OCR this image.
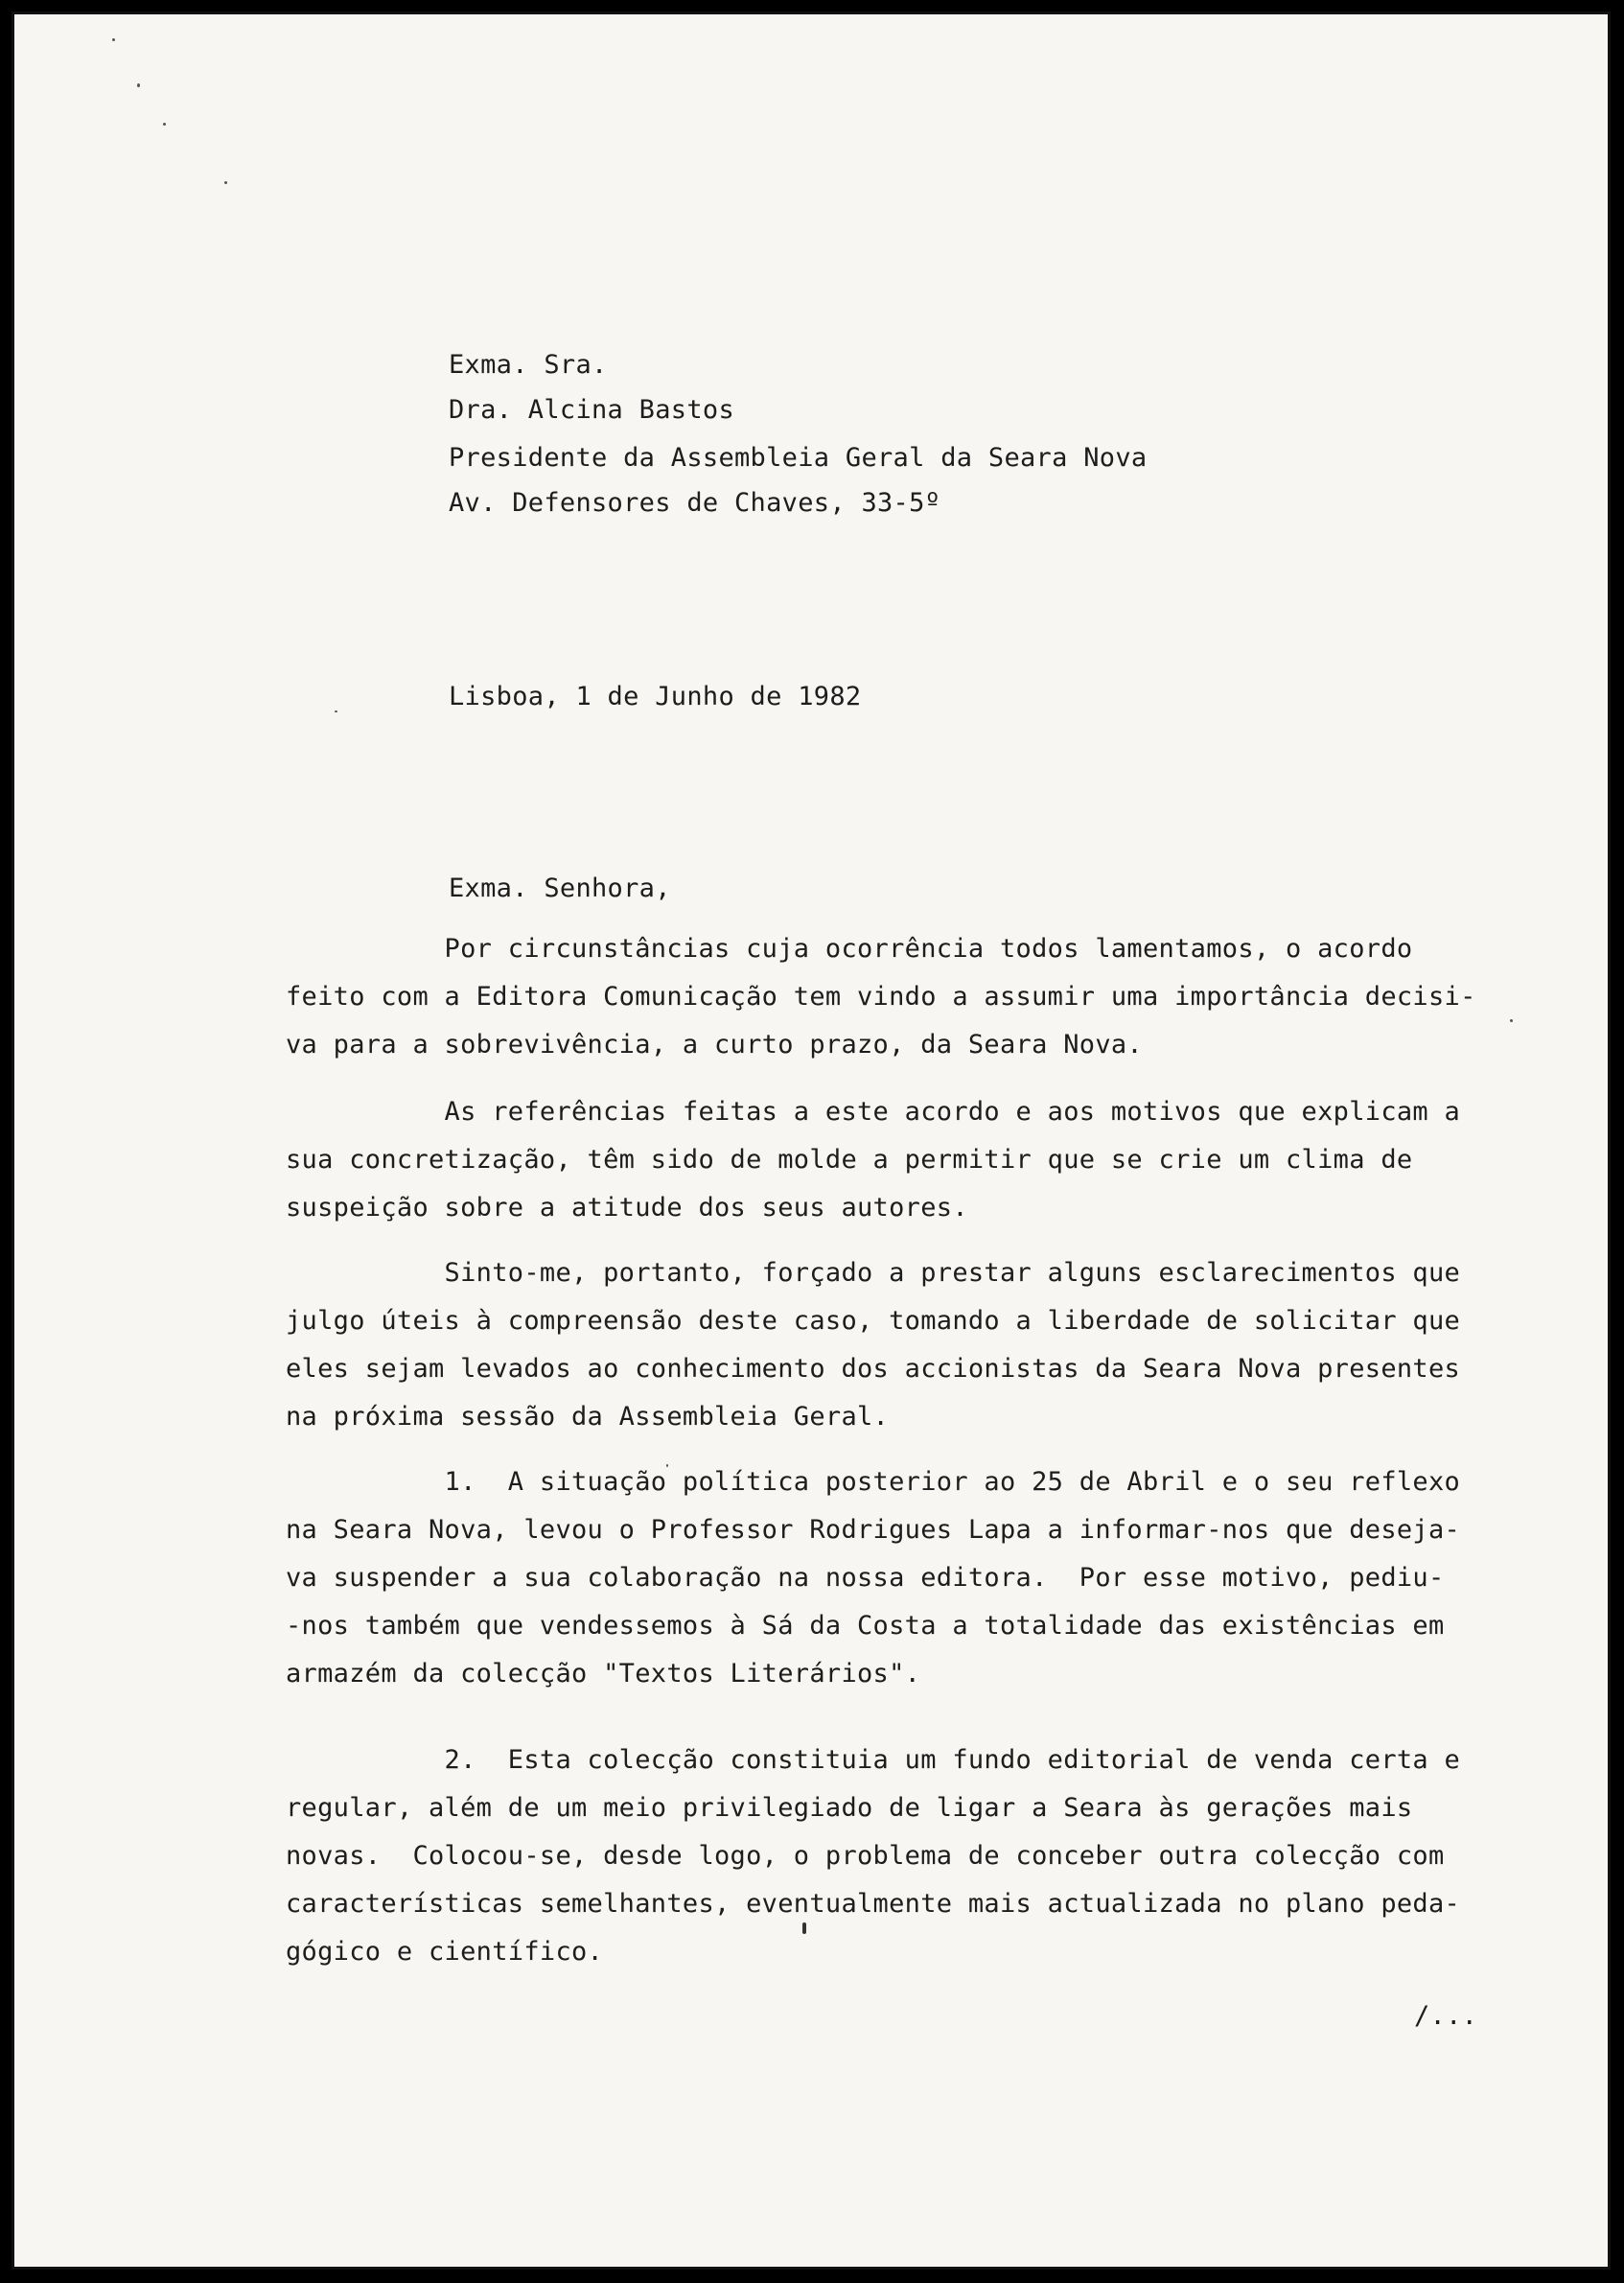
Exma. Sra.

Dra. Alcina Bastos

Presidente da Assembleia Geral da Seara Nova

Av. Defensores de Chaves, 33-5º

Lisboa, 1 de Junho de 1982

Exma. Senhora,

Por circunstâncias cuja ocorrência todos lamentamos, o acordo
feito com a Editora Comunicação tem vindo a assumir uma importância decisi-
va para a sobrevivência, a curto prazo, da Seara Nova.
As referências feitas a este acordo e aos motivos que explicam a
sua concretização, têm sido de molde a permitir que se crie um clima de
suspeição sobre a atitude dos seus autores.
Sinto-me, portanto, forçado a prestar alguns esclarecimentos que
julgo úteis à compreensão deste caso, tomando a liberdade de solicitar que
eles sejam levados ao conhecimento dos accionistas da Seara Nova presentes
na próxima sessão da Assembleia Geral.
1.  A situação política posterior ao 25 de Abril e o seu reflexo
na Seara Nova, levou o Professor Rodrigues Lapa a informar-nos que deseja-
va suspender a sua colaboração na nossa editora.  Por esse motivo, pediu-
-nos também que vendessemos à Sá da Costa a totalidade das existências em
armazém da colecção "Textos Literários".
2.  Esta colecção constituia um fundo editorial de venda certa e
regular, além de um meio privilegiado de ligar a Seara às gerações mais
novas.  Colocou-se, desde logo, o problema de conceber outra colecção com
características semelhantes, eventualmente mais actualizada no plano peda-
gógico e científico.

/...
